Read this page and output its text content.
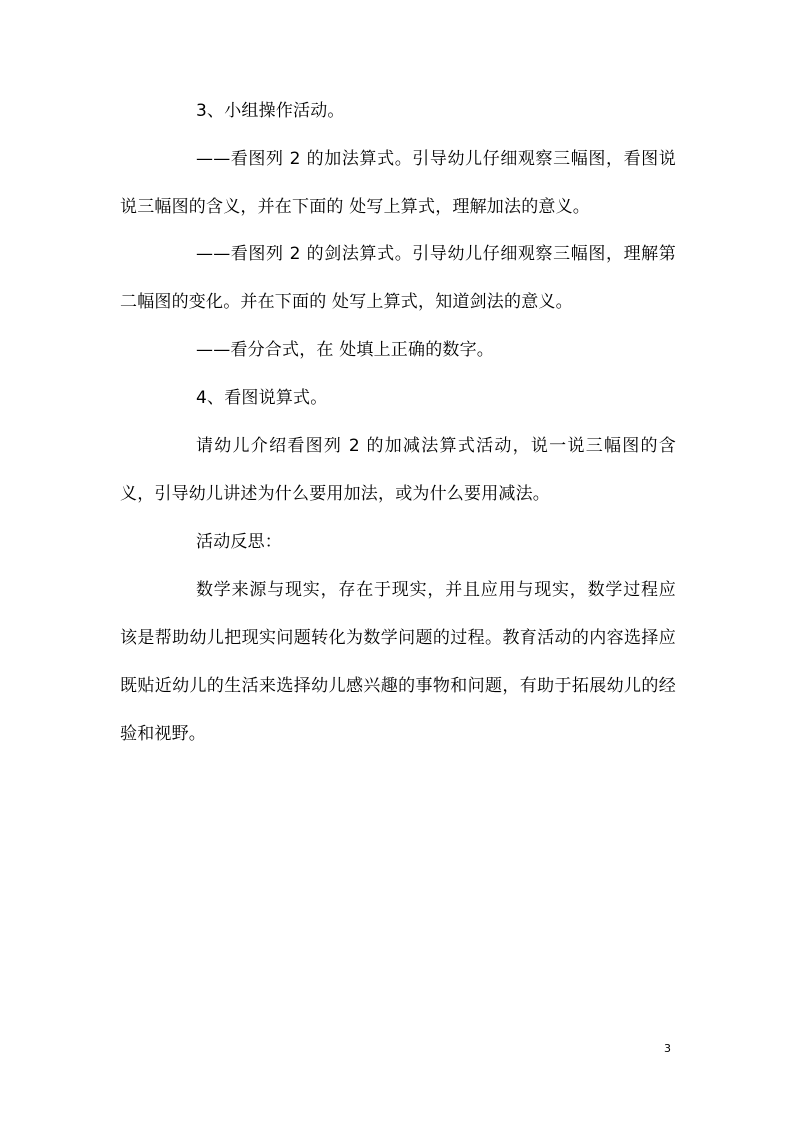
3、小组操作活动。

——看图列 2 的加法算式。引导幼儿仔细观察三幅图，看图说说三幅图的含义，并在下面的 处写上算式，理解加法的意义。

——看图列 2 的剑法算式。引导幼儿仔细观察三幅图，理解第二幅图的变化。并在下面的 处写上算式，知道剑法的意义。

——看分合式，在 处填上正确的数字。

4、看图说算式。

请幼儿介绍看图列 2 的加减法算式活动，说一说三幅图的含义，引导幼儿讲述为什么要用加法，或为什么要用减法。

活动反思：

数学来源与现实，存在于现实，并且应用与现实，数学过程应该是帮助幼儿把现实问题转化为数学问题的过程。教育活动的内容选择应既贴近幼儿的生活来选择幼儿感兴趣的事物和问题，有助于拓展幼儿的经验和视野。

3
